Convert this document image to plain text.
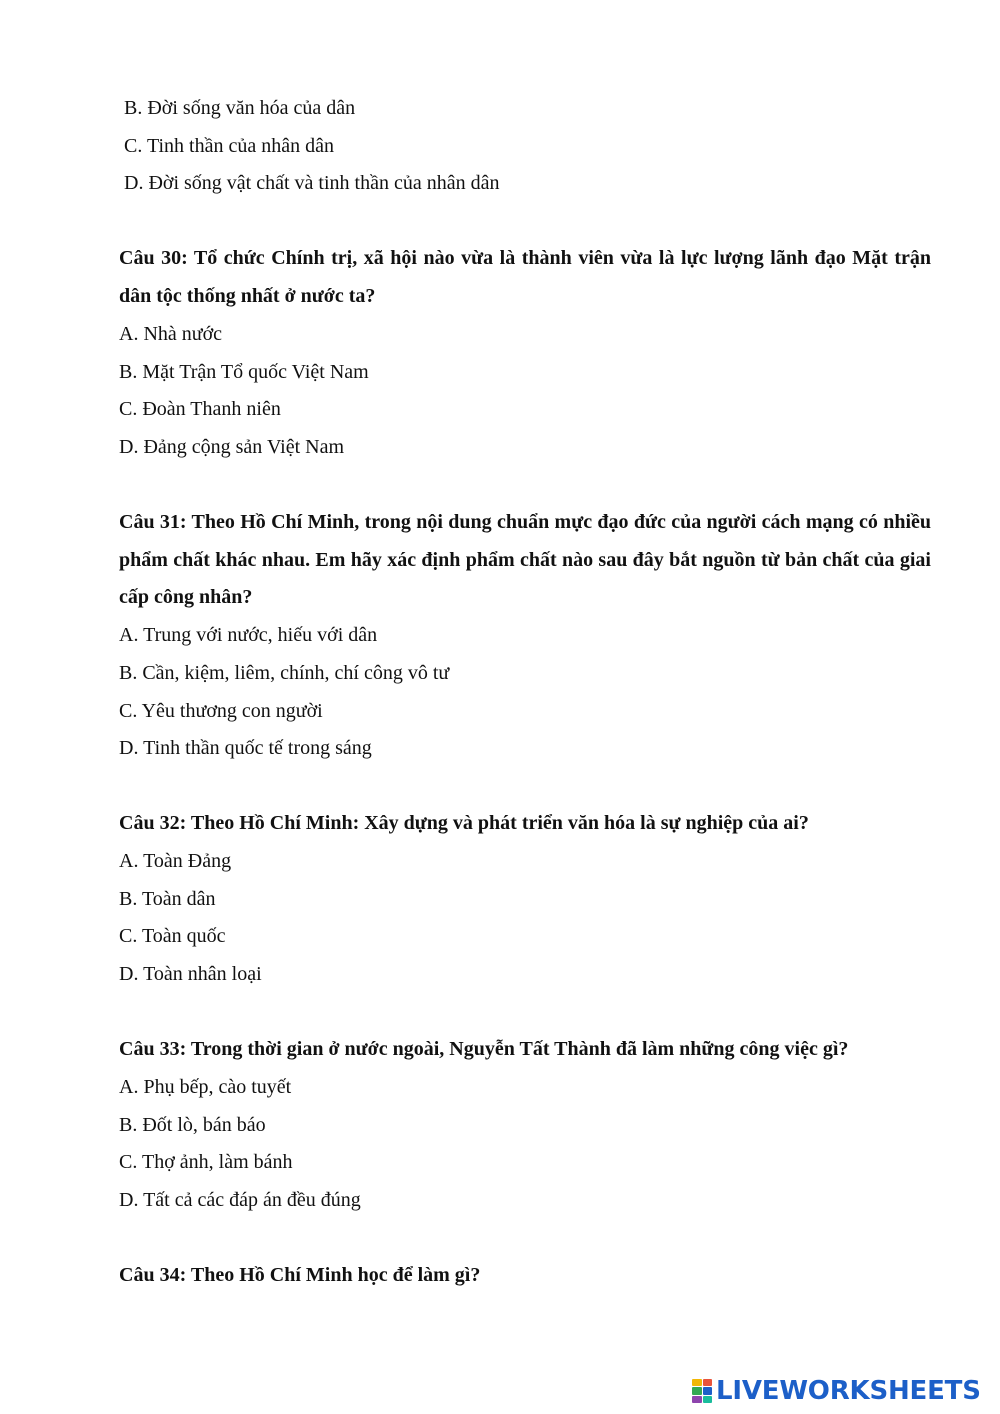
B. Đời sống văn hóa của dân

C. Tinh thần của nhân dân

D. Đời sống vật chất và tinh thần của nhân dân

Câu 30: Tổ chức Chính trị, xã hội nào vừa là thành viên vừa là lực lượng lãnh đạo Mặt trận dân tộc thống nhất ở nước ta?

A. Nhà nước

B. Mặt Trận Tổ quốc Việt Nam

C. Đoàn Thanh niên

D. Đảng cộng sản Việt Nam

Câu 31: Theo Hồ Chí Minh, trong nội dung chuẩn mực đạo đức của người cách mạng có nhiều phẩm chất khác nhau. Em hãy xác định phẩm chất nào sau đây bắt nguồn từ bản chất của giai cấp công nhân?

A. Trung với nước, hiếu với dân

B. Cần, kiệm, liêm, chính, chí công vô tư

C. Yêu thương con người

D. Tinh thần quốc tế trong sáng

Câu 32: Theo Hồ Chí Minh: Xây dựng và phát triển văn hóa là sự nghiệp của ai?

A. Toàn Đảng

B. Toàn dân

C. Toàn quốc

D. Toàn nhân loại

Câu 33: Trong thời gian ở nước ngoài, Nguyễn Tất Thành đã làm những công việc gì?

A. Phụ bếp, cào tuyết

B. Đốt lò, bán báo

C. Thợ ảnh, làm bánh

D. Tất cả các đáp án đều đúng

Câu 34: Theo Hồ Chí Minh học để làm gì?

LIVEWORKSHEETS
